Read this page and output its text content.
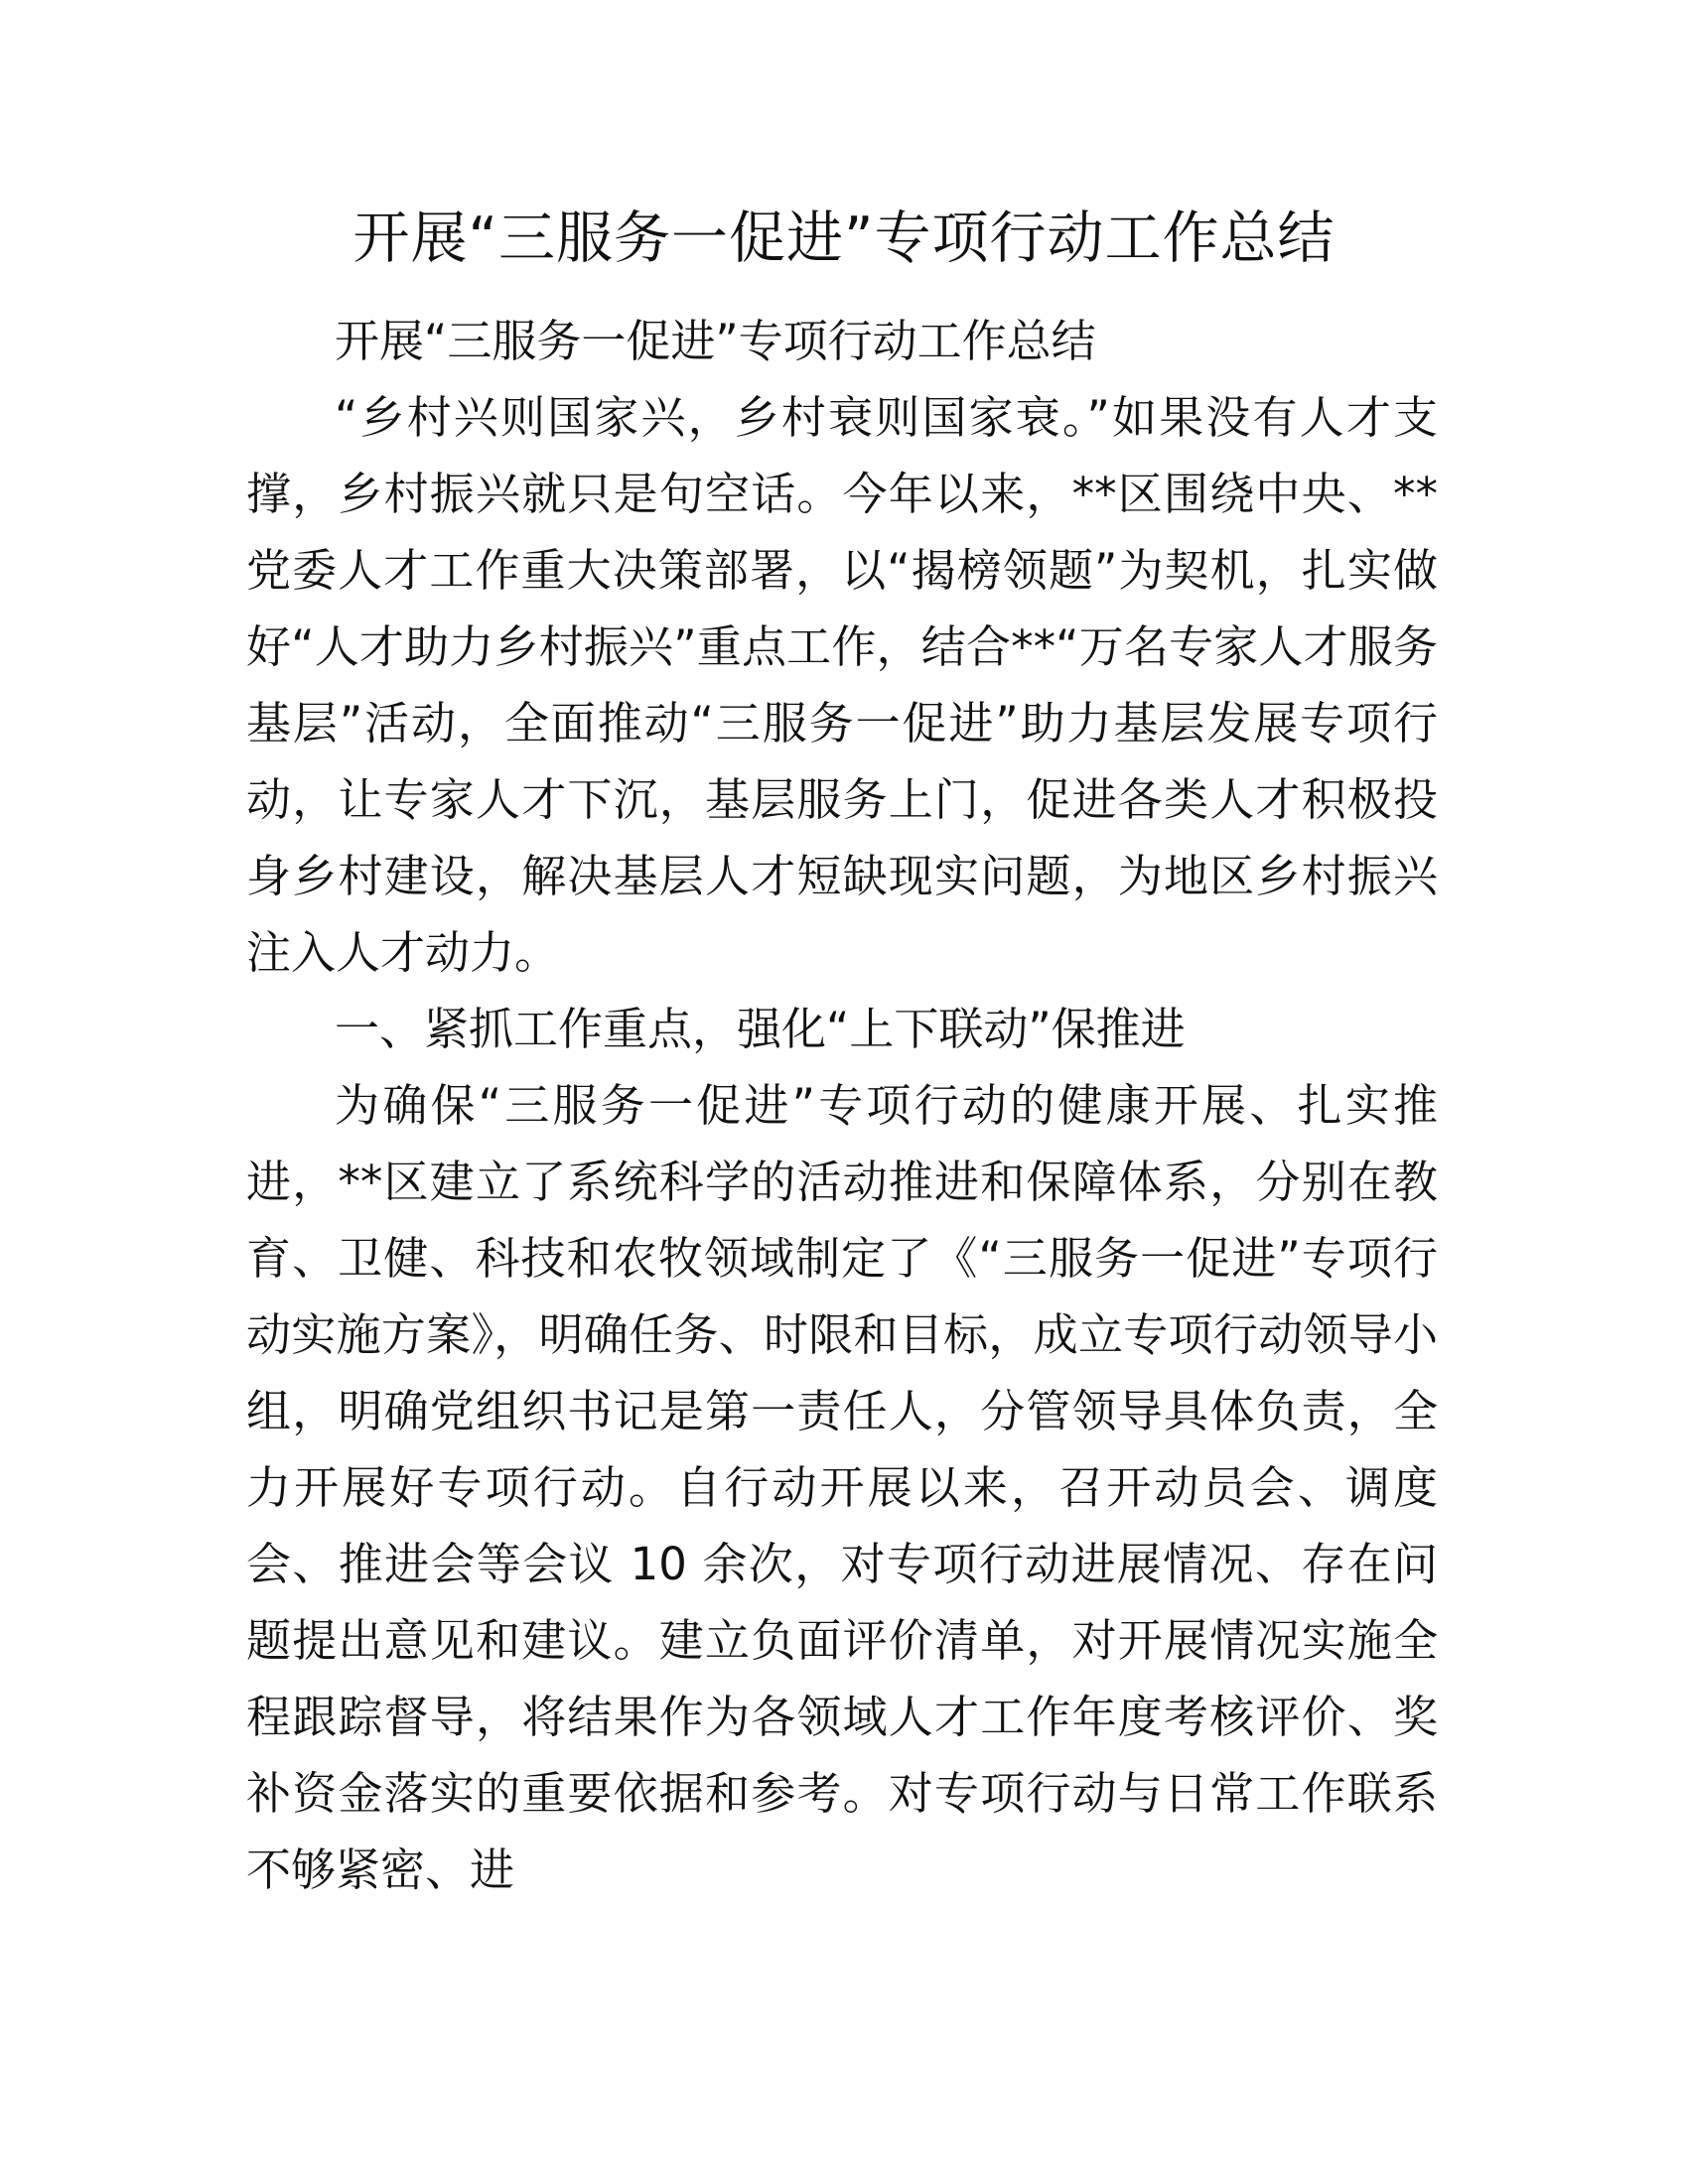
开展“三服务一促进”专项行动工作总结

开展“三服务一促进”专项行动工作总结

“乡村兴则国家兴，乡村衰则国家衰。”如果没有人才支撑，乡村振兴就只是句空话。今年以来，**区围绕中央、**党委人才工作重大决策部署，以“揭榜领题”为契机，扎实做好“人才助力乡村振兴”重点工作，结合**“万名专家人才服务基层”活动，全面推动“三服务一促进”助力基层发展专项行动，让专家人才下沉，基层服务上门，促进各类人才积极投身乡村建设，解决基层人才短缺现实问题，为地区乡村振兴注入人才动力。

一、紧抓工作重点，强化“上下联动”保推进

为确保“三服务一促进”专项行动的健康开展、扎实推进，**区建立了系统科学的活动推进和保障体系，分别在教育、卫健、科技和农牧领域制定了《“三服务一促进”专项行动实施方案》，明确任务、时限和目标，成立专项行动领导小组，明确党组织书记是第一责任人，分管领导具体负责，全力开展好专项行动。自行动开展以来，召开动员会、调度会、推进会等会议 10 余次，对专项行动进展情况、存在问题提出意见和建议。建立负面评价清单，对开展情况实施全程跟踪督导，将结果作为各领域人才工作年度考核评价、奖补资金落实的重要依据和参考。对专项行动与日常工作联系不够紧密、进
